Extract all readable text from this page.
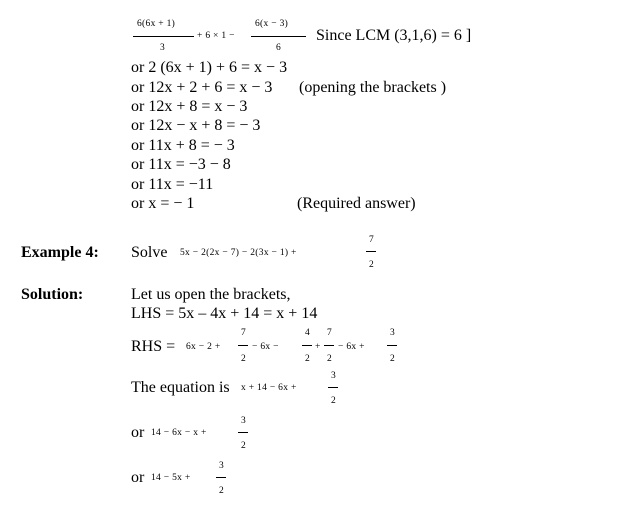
6(6x + 1)
3
+ 6 × 1 −
6(x − 3)
6
Since LCM (3,1,6) = 6 ]
or 2 (6x + 1) + 6 = x − 3
or 12x + 2 + 6 = x − 3 (opening the brackets )
or 12x + 8 = x − 3
or 12x − x + 8 = − 3
or 11x + 8 = − 3
or 11x = −3 − 8
or 11x = −11
or x = − 1	(Required answer)
Example 4: Solve 5x − 2(2x − 7) − 2(3x − 1) +
7
2
Solution:	Let us open the brackets,
LHS = 5x – 4x + 14 = x + 14
RHS = 6x − 2 +
7
2
− 6x −
4
2
+
7
2
− 6x +
3
2
The equation is x + 14 − 6x +
3
2
or 14 − 6x − x +
3
2
or 14 − 5x +
3
2
